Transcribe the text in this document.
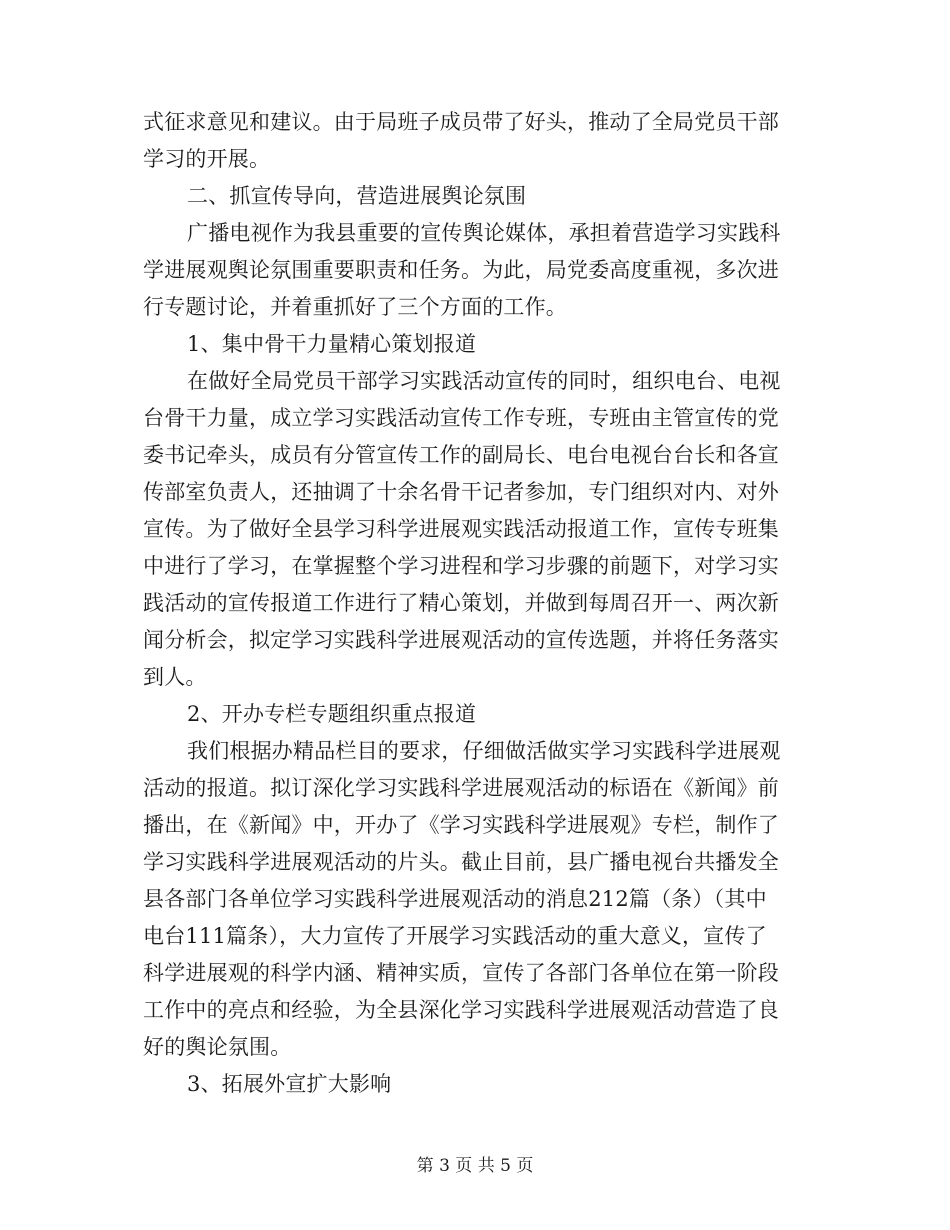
式征求意见和建议。由于局班子成员带了好头，推动了全局党员干部
学习的开展。
二、抓宣传导向，营造进展舆论氛围
广播电视作为我县重要的宣传舆论媒体，承担着营造学习实践科
学进展观舆论氛围重要职责和任务。为此，局党委高度重视，多次进
行专题讨论，并着重抓好了三个方面的工作。
1、集中骨干力量精心策划报道
在做好全局党员干部学习实践活动宣传的同时，组织电台、电视
台骨干力量，成立学习实践活动宣传工作专班，专班由主管宣传的党
委书记牵头，成员有分管宣传工作的副局长、电台电视台台长和各宣
传部室负责人，还抽调了十余名骨干记者参加，专门组织对内、对外
宣传。为了做好全县学习科学进展观实践活动报道工作，宣传专班集
中进行了学习，在掌握整个学习进程和学习步骤的前题下，对学习实
践活动的宣传报道工作进行了精心策划，并做到每周召开一、两次新
闻分析会，拟定学习实践科学进展观活动的宣传选题，并将任务落实
到人。
2、开办专栏专题组织重点报道
我们根据办精品栏目的要求，仔细做活做实学习实践科学进展观
活动的报道。拟订深化学习实践科学进展观活动的标语在《新闻》前
播出，在《新闻》中，开办了《学习实践科学进展观》专栏，制作了
学习实践科学进展观活动的片头。截止目前，县广播电视台共播发全
县各部门各单位学习实践科学进展观活动的消息212篇（条）（其中
电台111篇条），大力宣传了开展学习实践活动的重大意义，宣传了
科学进展观的科学内涵、精神实质，宣传了各部门各单位在第一阶段
工作中的亮点和经验，为全县深化学习实践科学进展观活动营造了良
好的舆论氛围。
3、拓展外宣扩大影响
第 3 页 共 5 页
